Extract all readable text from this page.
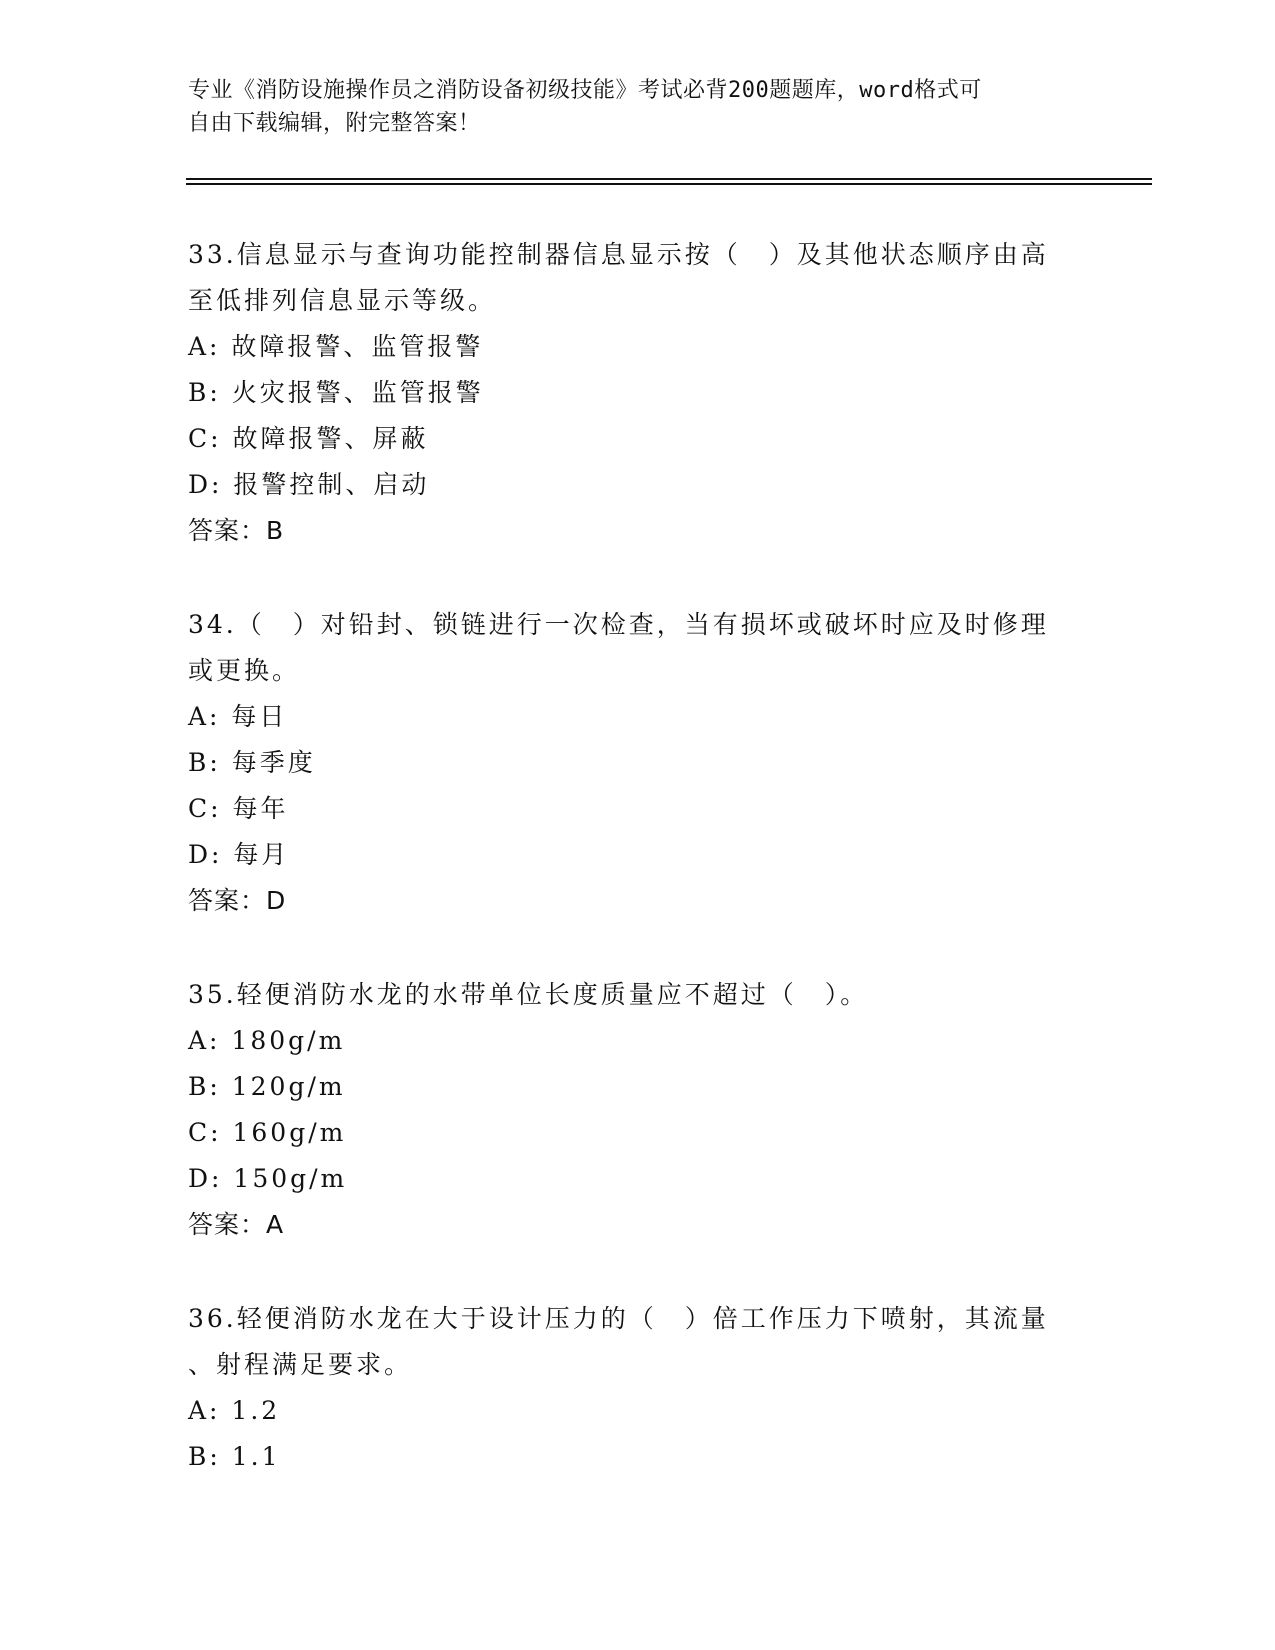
专业《消防设施操作员之消防设备初级技能》考试必背200题题库，word格式可
自由下载编辑，附完整答案！
33.信息显示与查询功能控制器信息显示按（　）及其他状态顺序由高
至低排列信息显示等级。
A: 故障报警、监管报警
B: 火灾报警、监管报警
C: 故障报警、屏蔽
D: 报警控制、启动
答案：B
34.（　）对铅封、锁链进行一次检查，当有损坏或破坏时应及时修理
或更换。
A: 每日
B: 每季度
C: 每年
D: 每月
答案：D
35.轻便消防水龙的水带单位长度质量应不超过（　）。
A: 180g/m
B: 120g/m
C: 160g/m
D: 150g/m
答案：A
36.轻便消防水龙在大于设计压力的（　）倍工作压力下喷射，其流量
、射程满足要求。
A: 1.2
B: 1.1
